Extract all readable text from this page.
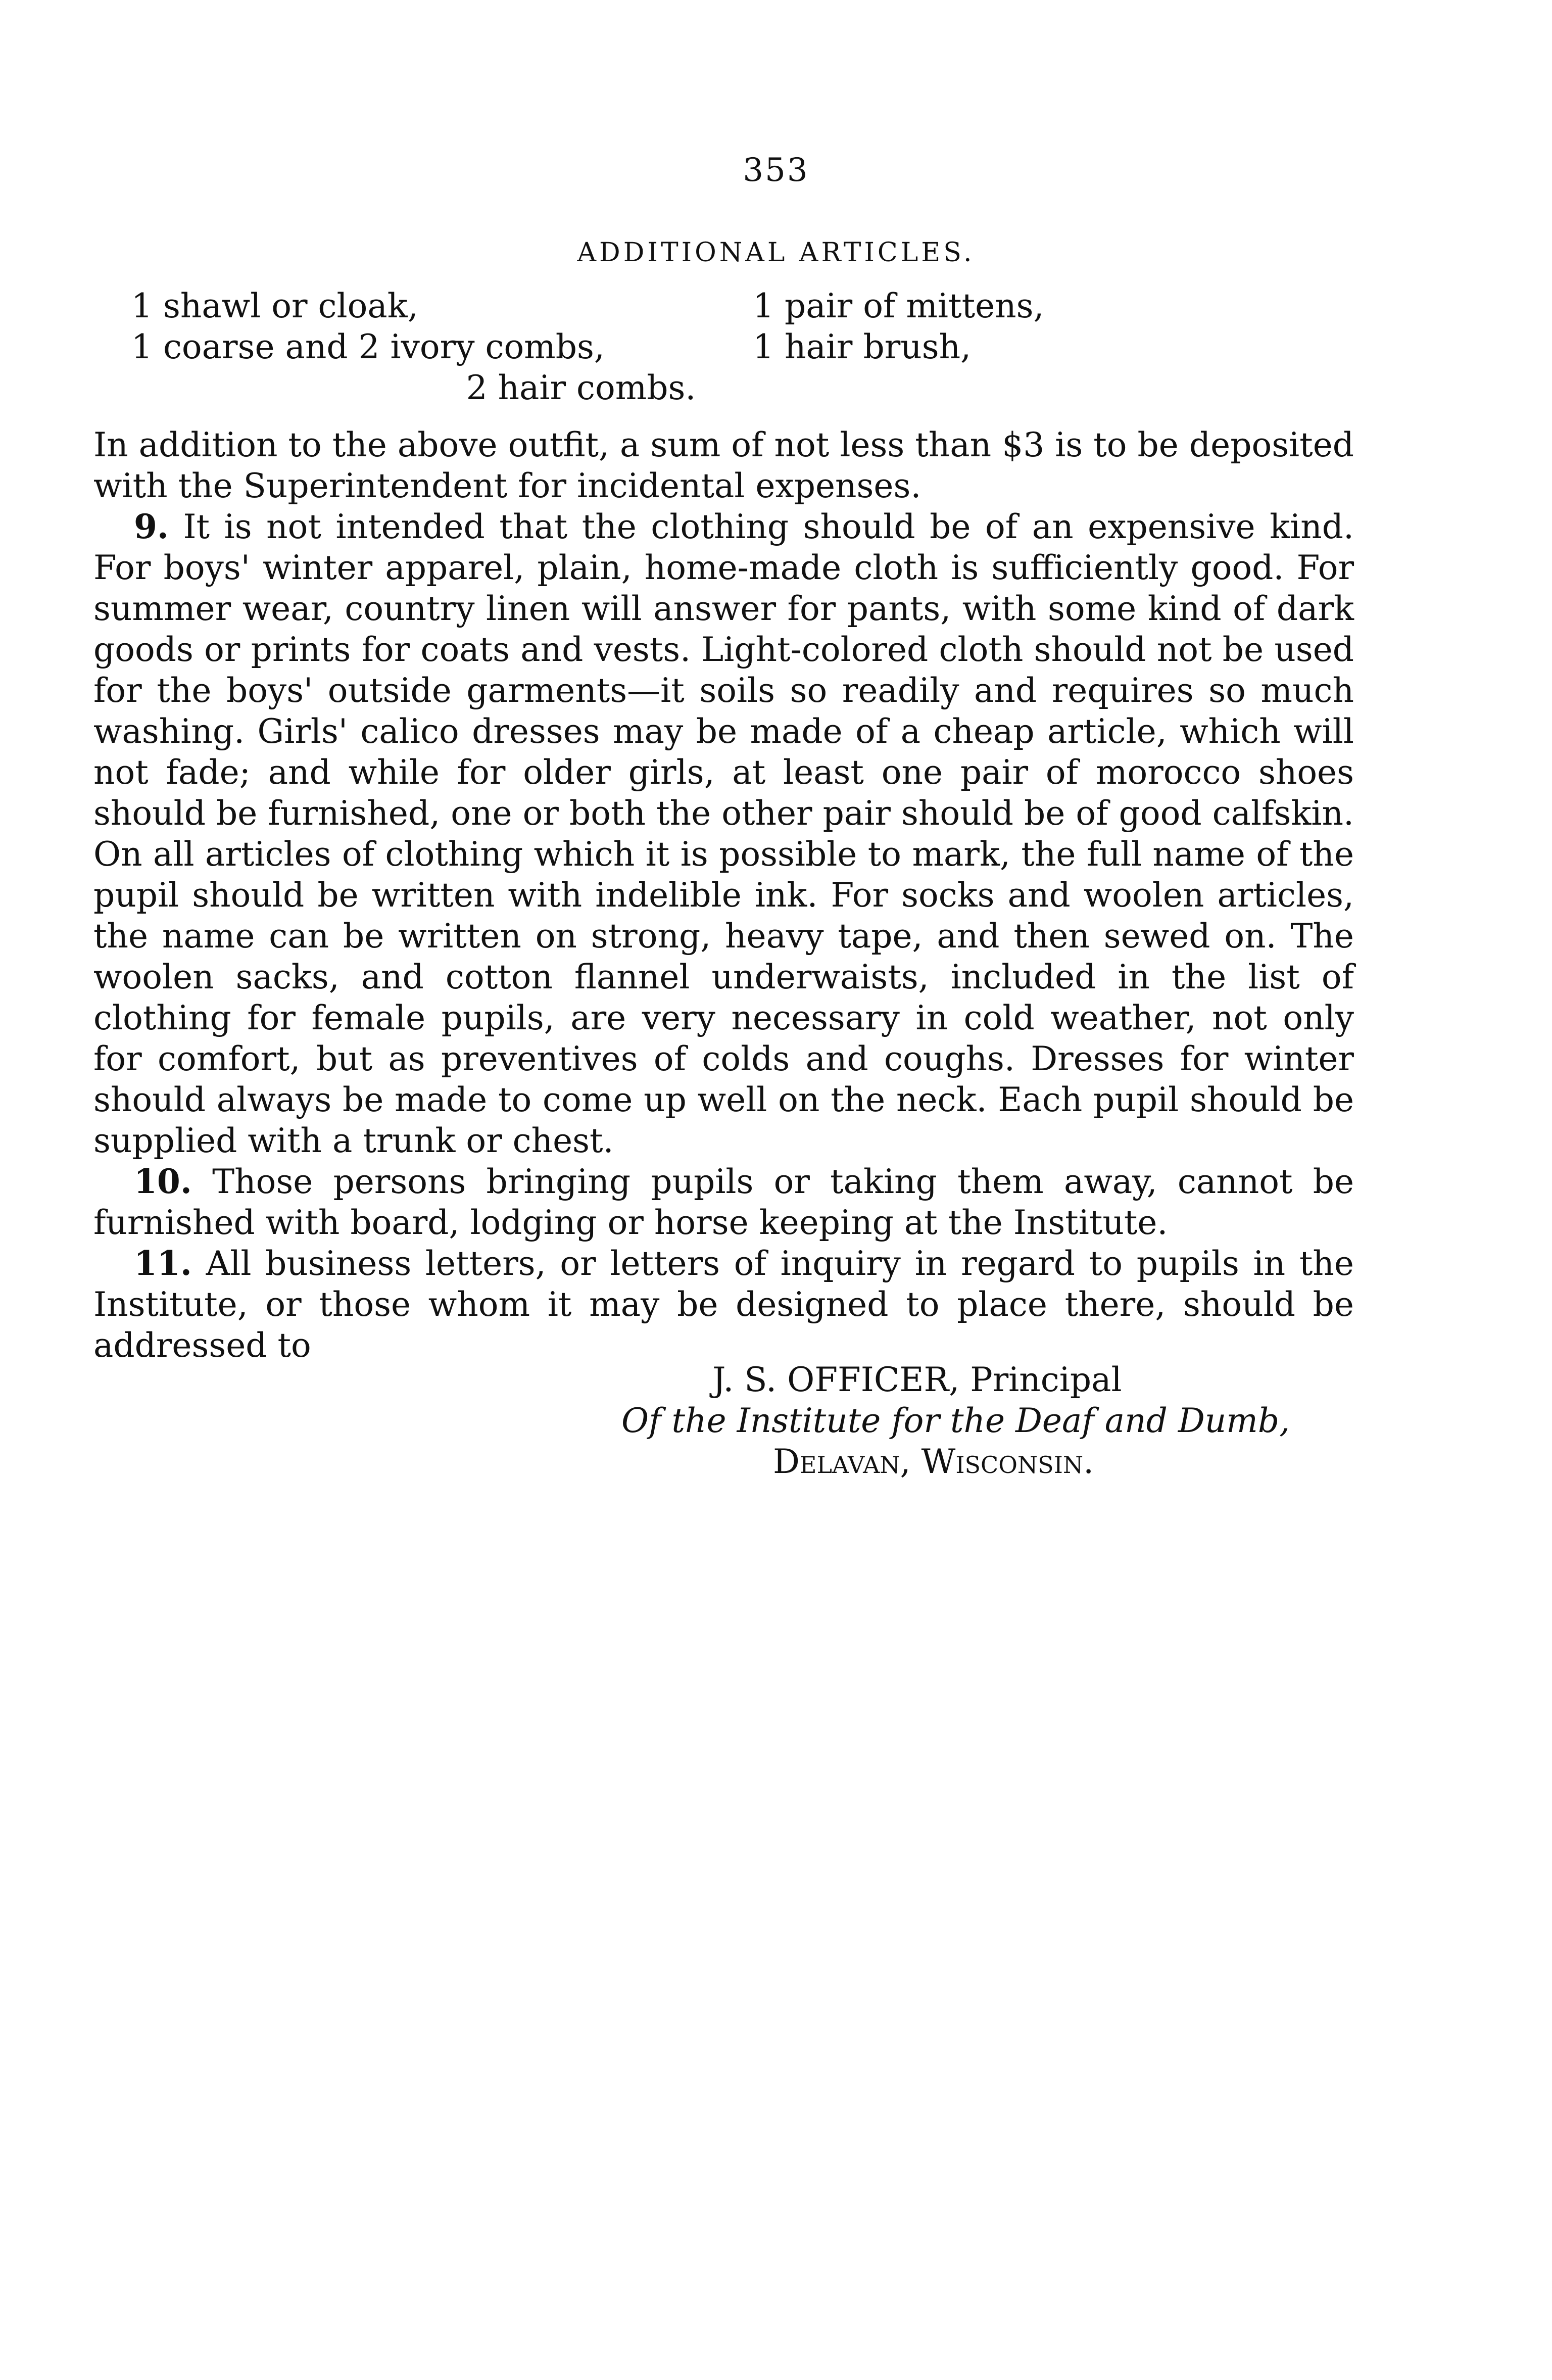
353
ADDITIONAL ARTICLES.
1 shawl or cloak,	1 pair of mittens,
1 coarse and 2 ivory combs,	1 hair brush,
2 hair combs.

In addition to the above outfit, a sum of not less than $3 is to be deposited with the Superintendent for incidental expenses.

9. It is not intended that the clothing should be of an expensive kind. For boys' winter apparel, plain, home-made cloth is sufficiently good. For summer wear, country linen will answer for pants, with some kind of dark goods or prints for coats and vests. Light-colored cloth should not be used for the boys' outside garments—it soils so readily and requires so much washing. Girls' calico dresses may be made of a cheap article, which will not fade; and while for older girls, at least one pair of morocco shoes should be furnished, one or both the other pair should be of good calfskin. On all articles of clothing which it is possible to mark, the full name of the pupil should be written with indelible ink. For socks and woolen articles, the name can be written on strong, heavy tape, and then sewed on. The woolen sacks, and cotton flannel underwaists, included in the list of clothing for female pupils, are very necessary in cold weather, not only for comfort, but as preventives of colds and coughs. Dresses for winter should always be made to come up well on the neck. Each pupil should be supplied with a trunk or chest.

10. Those persons bringing pupils or taking them away, cannot be furnished with board, lodging or horse keeping at the Institute.

11. All business letters, or letters of inquiry in regard to pupils in the Institute, or those whom it may be designed to place there, should be addressed to

J. S. OFFICER, Principal
Of the Institute for the Deaf and Dumb,
Delavan, Wisconsin.
